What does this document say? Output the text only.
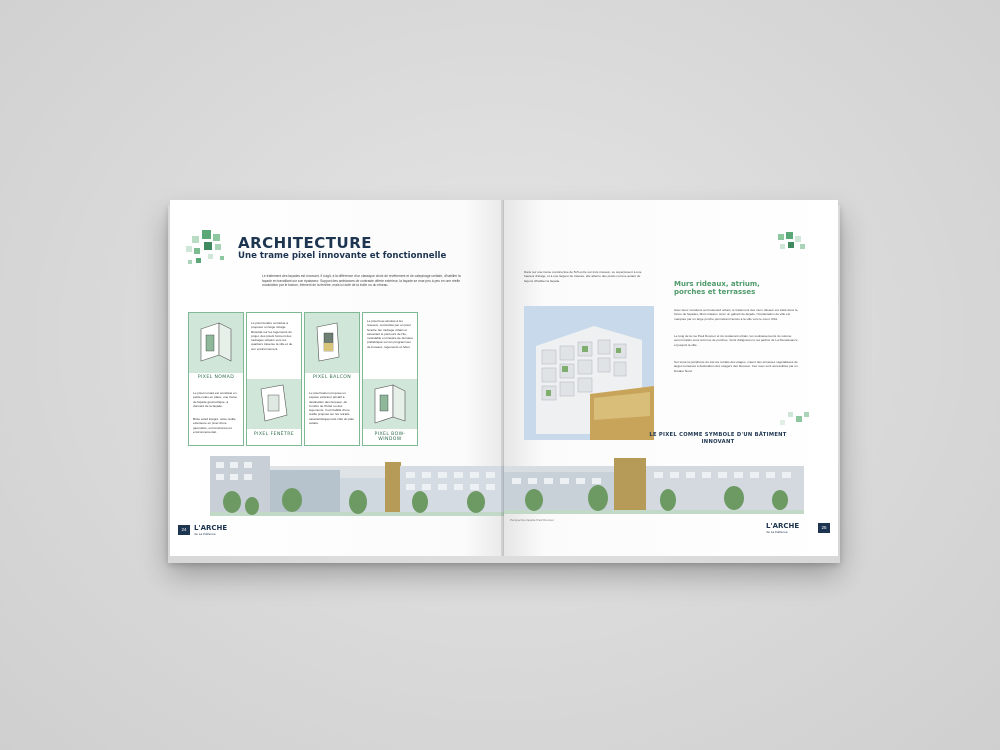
ARCHITECTURE
Une trame pixel innovante et fonctionnelle
Le traitement des façades est innovant. Il s'agit, à la différence d'un classique choix de revêtement et de calepinage unitaire, d'habiller la façade en travaillant sur son épaisseur. Support des ambiances de contraste offerte extérieur, la façade se mue peu à peu en une réelle modulation par le balcon, élément de la fenêtre, mais ici doté de la boîte ou du réseau.
PIXEL NOMAD
Le pixel nomad est constitué en petits-cotés en place, une trame de façade géométrique, à donnant de la façade.
Brise soleil intégré, cette résille extérieure en pixel d'une géométrie, est fonctionnel et environnemental.
Le pixel fenêtre constitué à proposer un large vitrage. Résultat sur les logements du projet, des pixels forment des cadrages urbains vers les quartiers traverse la ville et de son environnement.
PIXEL FENÊTRE
PIXEL BALCON
Le pixel balcon propose un espace extérieur privatif à destination des bureaux, de l'ombre de l'hôtel ou des logements. Il est habillé d'une résille proposé sur les retraits caractéristiques tels côté du plan solaire.
Le pixel bow-window à les réseaux, concrétisé par un pixel fenêtre. En cadrage urbain et associant le parcours de l'île, modulable en linéaire de dernière préfabriqué sur les programmes de bureaux, logements et hôtel.
PIXEL BOW-WINDOW
24	L'ARCHE
de La Défense
Dans sur une trame constructive de 5x5 entre sur trois niveaux, se superposent à une hauteur d'étage, et à une largeur de travées, elle alterne des pixels comme autant de façons d'habiter la façade.	Murs rideaux, atrium, porches et terrasses
Avec deux vocations au boulevard urbain, le traitement des murs rideaux est traité dans la forme de façades, Murs rideaux. Avec un gabarit de façade, l'implantation de ville est marquée par un large porche permettant l'accès à la ville vers le cœur d'îlot.
Le long de la rue Paul Doumer et du restaurant urbain, les soubassements du volume seront traités sous la forme de porches, Verts d'alignement, les jardins de La Renaissance et jusqu'à la ville.
Sur toute la périphérie du site les retraits des étages, créent des terrasses végétalisées de larges terrasses à destination des usagers des bureaux. Ces vues sont accessibles par un linéaire Nord.
LE PIXEL COMME SYMBOLE D'UN BÂTIMENT INNOVANT
Perspective façade Paul Doumer
L'ARCHE
de La Défense
25
